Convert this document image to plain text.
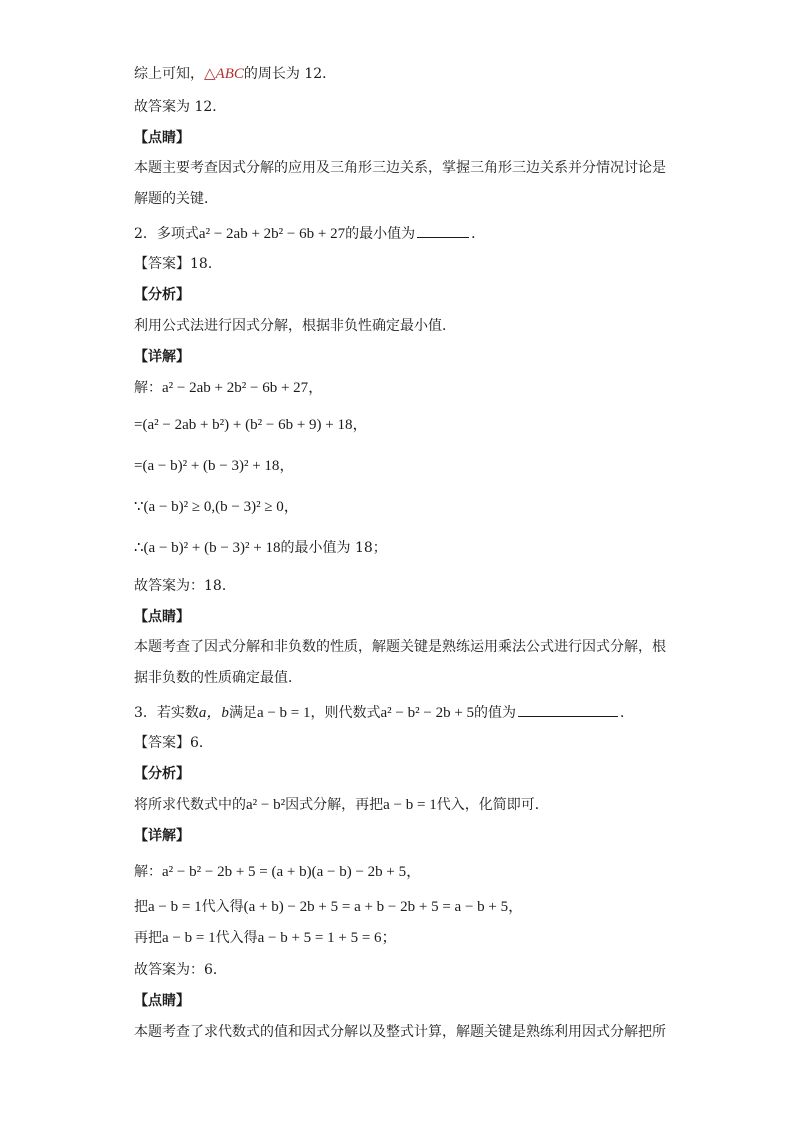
综上可知，△ABC的周长为 12．
故答案为 12．
【点睛】
本题主要考查因式分解的应用及三角形三边关系，掌握三角形三边关系并分情况讨论是解题的关键．
2．多项式a² − 2ab + 2b² − 6b + 27的最小值为	．
【答案】18．
【分析】
利用公式法进行因式分解，根据非负性确定最小值．
【详解】
解：a² − 2ab + 2b² − 6b + 27，
=(a² − 2ab + b²) + (b² − 6b + 9) + 18，
=(a − b)² + (b − 3)² + 18，
∵(a − b)² ≥ 0,(b − 3)² ≥ 0，
∴(a − b)² + (b − 3)² + 18的最小值为 18；
故答案为：18．
【点睛】
本题考查了因式分解和非负数的性质，解题关键是熟练运用乘法公式进行因式分解，根据非负数的性质确定最值．
3．若实数a，b满足a − b = 1，则代数式a² − b² − 2b + 5的值为	．
【答案】6．
【分析】
将所求代数式中的a² − b²因式分解，再把a − b = 1代入，化简即可．
【详解】
解：a² − b² − 2b + 5 = (a + b)(a − b) − 2b + 5，
把a − b = 1代入得(a + b) − 2b + 5 = a + b − 2b + 5 = a − b + 5，
再把a − b = 1代入得a − b + 5 = 1 + 5 = 6；
故答案为：6．
【点睛】
本题考查了求代数式的值和因式分解以及整式计算，解题关键是熟练利用因式分解把所
